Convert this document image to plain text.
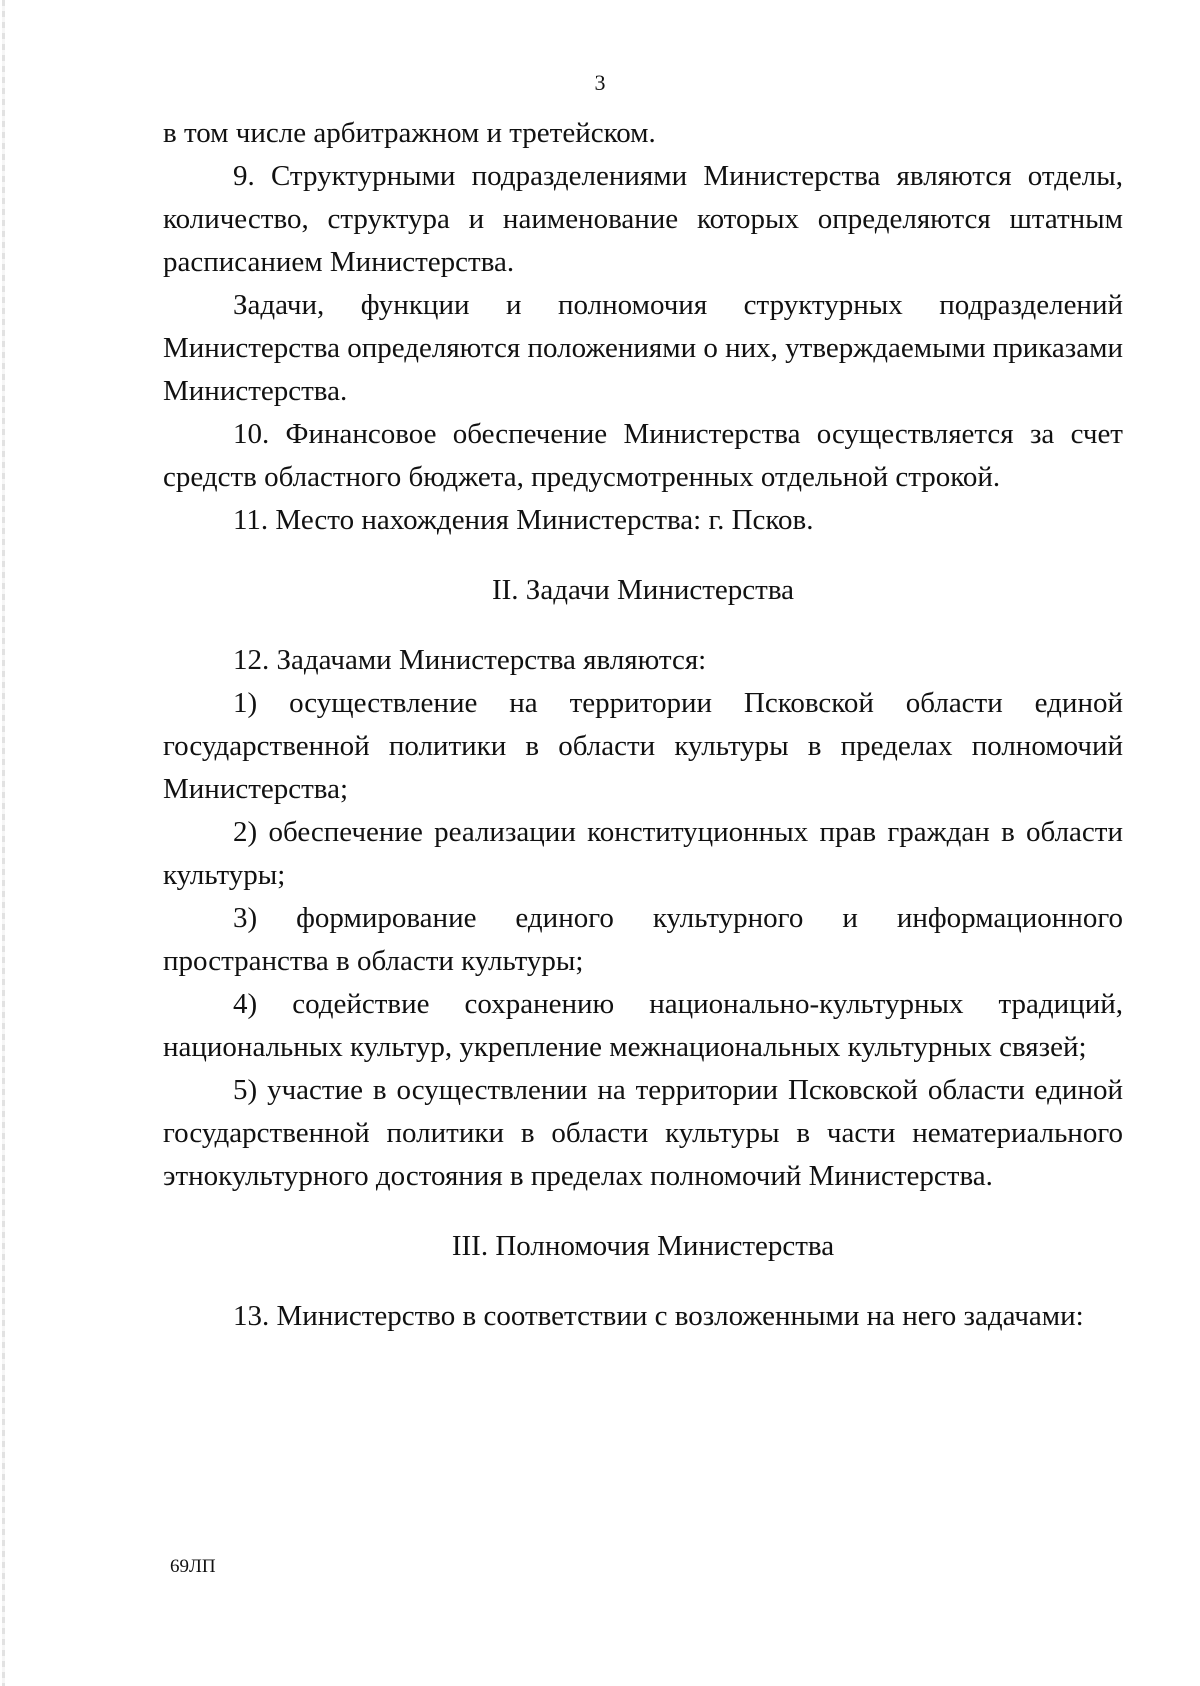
3

в том числе арбитражном и третейском.

9. Структурными подразделениями Министерства являются отделы, количество, структура и наименование которых определяются штатным расписанием Министерства.

Задачи, функции и полномочия структурных подразделений Министерства определяются положениями о них, утверждаемыми приказами Министерства.

10. Финансовое обеспечение Министерства осуществляется за счет средств областного бюджета, предусмотренных отдельной строкой.

11. Место нахождения Министерства: г. Псков.

II. Задачи Министерства

12. Задачами Министерства являются:

1) осуществление на территории Псковской области единой государственной политики в области культуры в пределах полномочий Министерства;

2) обеспечение реализации конституционных прав граждан в области культуры;

3) формирование единого культурного и информационного пространства в области культуры;

4) содействие сохранению национально-культурных традиций, национальных культур, укрепление межнациональных культурных связей;

5) участие в осуществлении на территории Псковской области единой государственной политики в области культуры в части нематериального этнокультурного достояния в пределах полномочий Министерства.

III. Полномочия Министерства

13. Министерство в соответствии с возложенными на него задачами:

69ЛП
